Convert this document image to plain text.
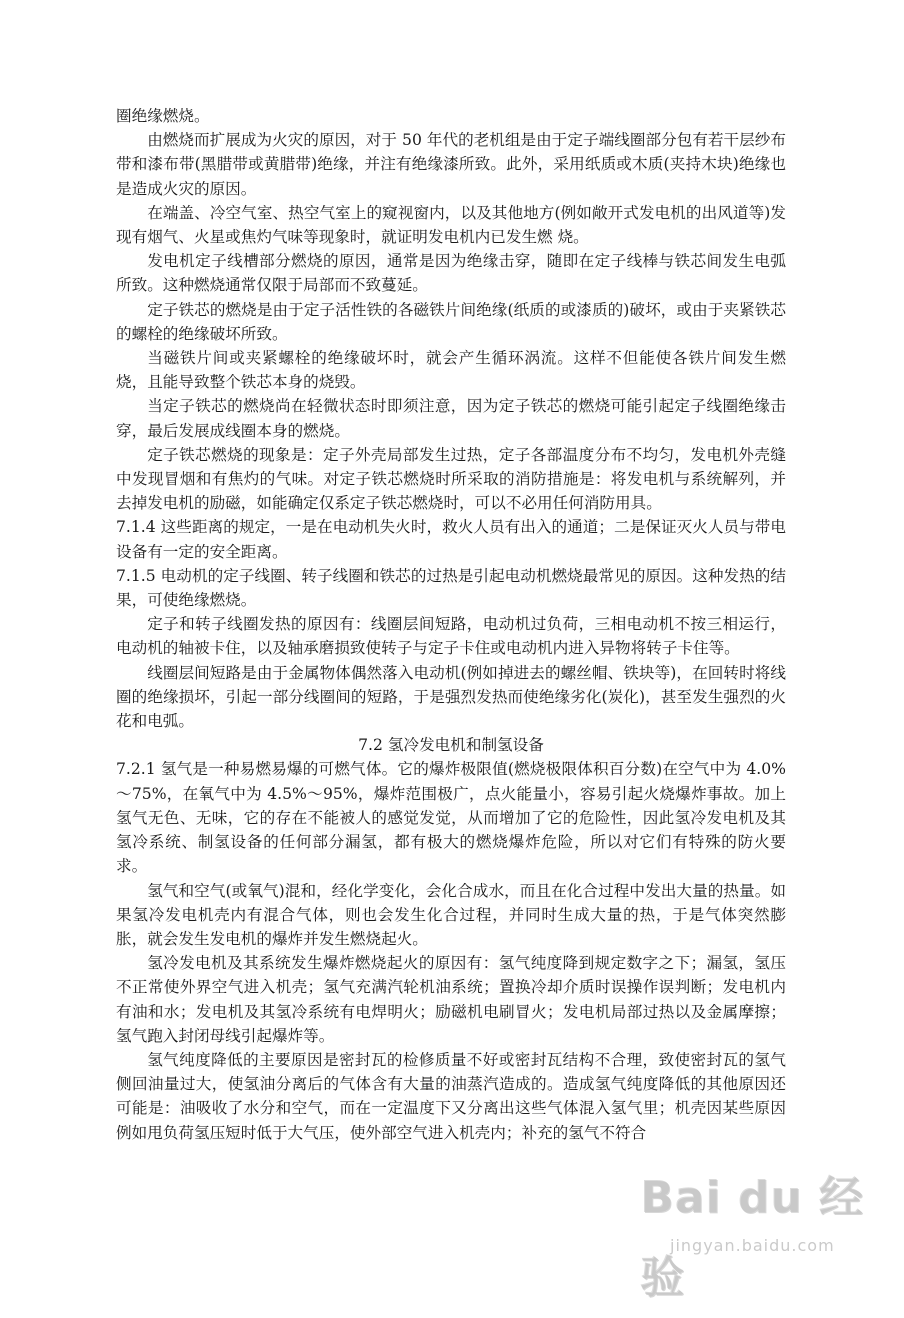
圈绝缘燃烧。

由燃烧而扩展成为火灾的原因，对于 50 年代的老机组是由于定子端线圈部分包有若干层纱布带和漆布带(黑腊带或黄腊带)绝缘，并注有绝缘漆所致。此外，采用纸质或木质(夹持木块)绝缘也是造成火灾的原因。

在端盖、冷空气室、热空气室上的窥视窗内，以及其他地方(例如敞开式发电机的出风道等)发现有烟气、火星或焦灼气味等现象时，就证明发电机内已发生燃 烧。

发电机定子线槽部分燃烧的原因，通常是因为绝缘击穿，随即在定子线棒与铁芯间发生电弧所致。这种燃烧通常仅限于局部而不致蔓延。

定子铁芯的燃烧是由于定子活性铁的各磁铁片间绝缘(纸质的或漆质的)破坏，或由于夹紧铁芯的螺栓的绝缘破坏所致。

当磁铁片间或夹紧螺栓的绝缘破坏时，就会产生循环涡流。这样不但能使各铁片间发生燃烧，且能导致整个铁芯本身的烧毁。

当定子铁芯的燃烧尚在轻微状态时即须注意，因为定子铁芯的燃烧可能引起定子线圈绝缘击穿，最后发展成线圈本身的燃烧。

定子铁芯燃烧的现象是：定子外壳局部发生过热，定子各部温度分布不均匀，发电机外壳缝中发现冒烟和有焦灼的气味。对定子铁芯燃烧时所采取的消防措施是：将发电机与系统解列，并去掉发电机的励磁，如能确定仅系定子铁芯燃烧时，可以不必用任何消防用具。

7.1.4 这些距离的规定，一是在电动机失火时，救火人员有出入的通道；二是保证灭火人员与带电设备有一定的安全距离。

7.1.5 电动机的定子线圈、转子线圈和铁芯的过热是引起电动机燃烧最常见的原因。这种发热的结果，可使绝缘燃烧。

定子和转子线圈发热的原因有：线圈层间短路，电动机过负荷，三相电动机不按三相运行，电动机的轴被卡住，以及轴承磨损致使转子与定子卡住或电动机内进入异物将转子卡住等。

线圈层间短路是由于金属物体偶然落入电动机(例如掉进去的螺丝帽、铁块等)，在回转时将线圈的绝缘损坏，引起一部分线圈间的短路，于是强烈发热而使绝缘劣化(炭化)，甚至发生强烈的火花和电弧。

7.2 氢冷发电机和制氢设备

7.2.1 氢气是一种易燃易爆的可燃气体。它的爆炸极限值(燃烧极限体积百分数)在空气中为 4.0%～75%，在氧气中为 4.5%～95%，爆炸范围极广，点火能量小，容易引起火烧爆炸事故。加上氢气无色、无味，它的存在不能被人的感觉发觉，从而增加了它的危险性，因此氢冷发电机及其氢冷系统、制氢设备的任何部分漏氢，都有极大的燃烧爆炸危险，所以对它们有特殊的防火要求。

氢气和空气(或氧气)混和，经化学变化，会化合成水，而且在化合过程中发出大量的热量。如果氢冷发电机壳内有混合气体，则也会发生化合过程，并同时生成大量的热，于是气体突然膨胀，就会发生发电机的爆炸并发生燃烧起火。

氢冷发电机及其系统发生爆炸燃烧起火的原因有：氢气纯度降到规定数字之下；漏氢，氢压不正常使外界空气进入机壳；氢气充满汽轮机油系统；置换冷却介质时误操作误判断；发电机内有油和水；发电机及其氢冷系统有电焊明火；励磁机电刷冒火；发电机局部过热以及金属摩擦；氢气跑入封闭母线引起爆炸等。

氢气纯度降低的主要原因是密封瓦的检修质量不好或密封瓦结构不合理，致使密封瓦的氢气侧回油量过大，使氢油分离后的气体含有大量的油蒸汽造成的。造成氢气纯度降低的其他原因还可能是：油吸收了水分和空气，而在一定温度下又分离出这些气体混入氢气里；机壳因某些原因例如甩负荷氢压短时低于大气压，使外部空气进入机壳内；补充的氢气不符合

Bai du 经验
jingyan.baidu.com
